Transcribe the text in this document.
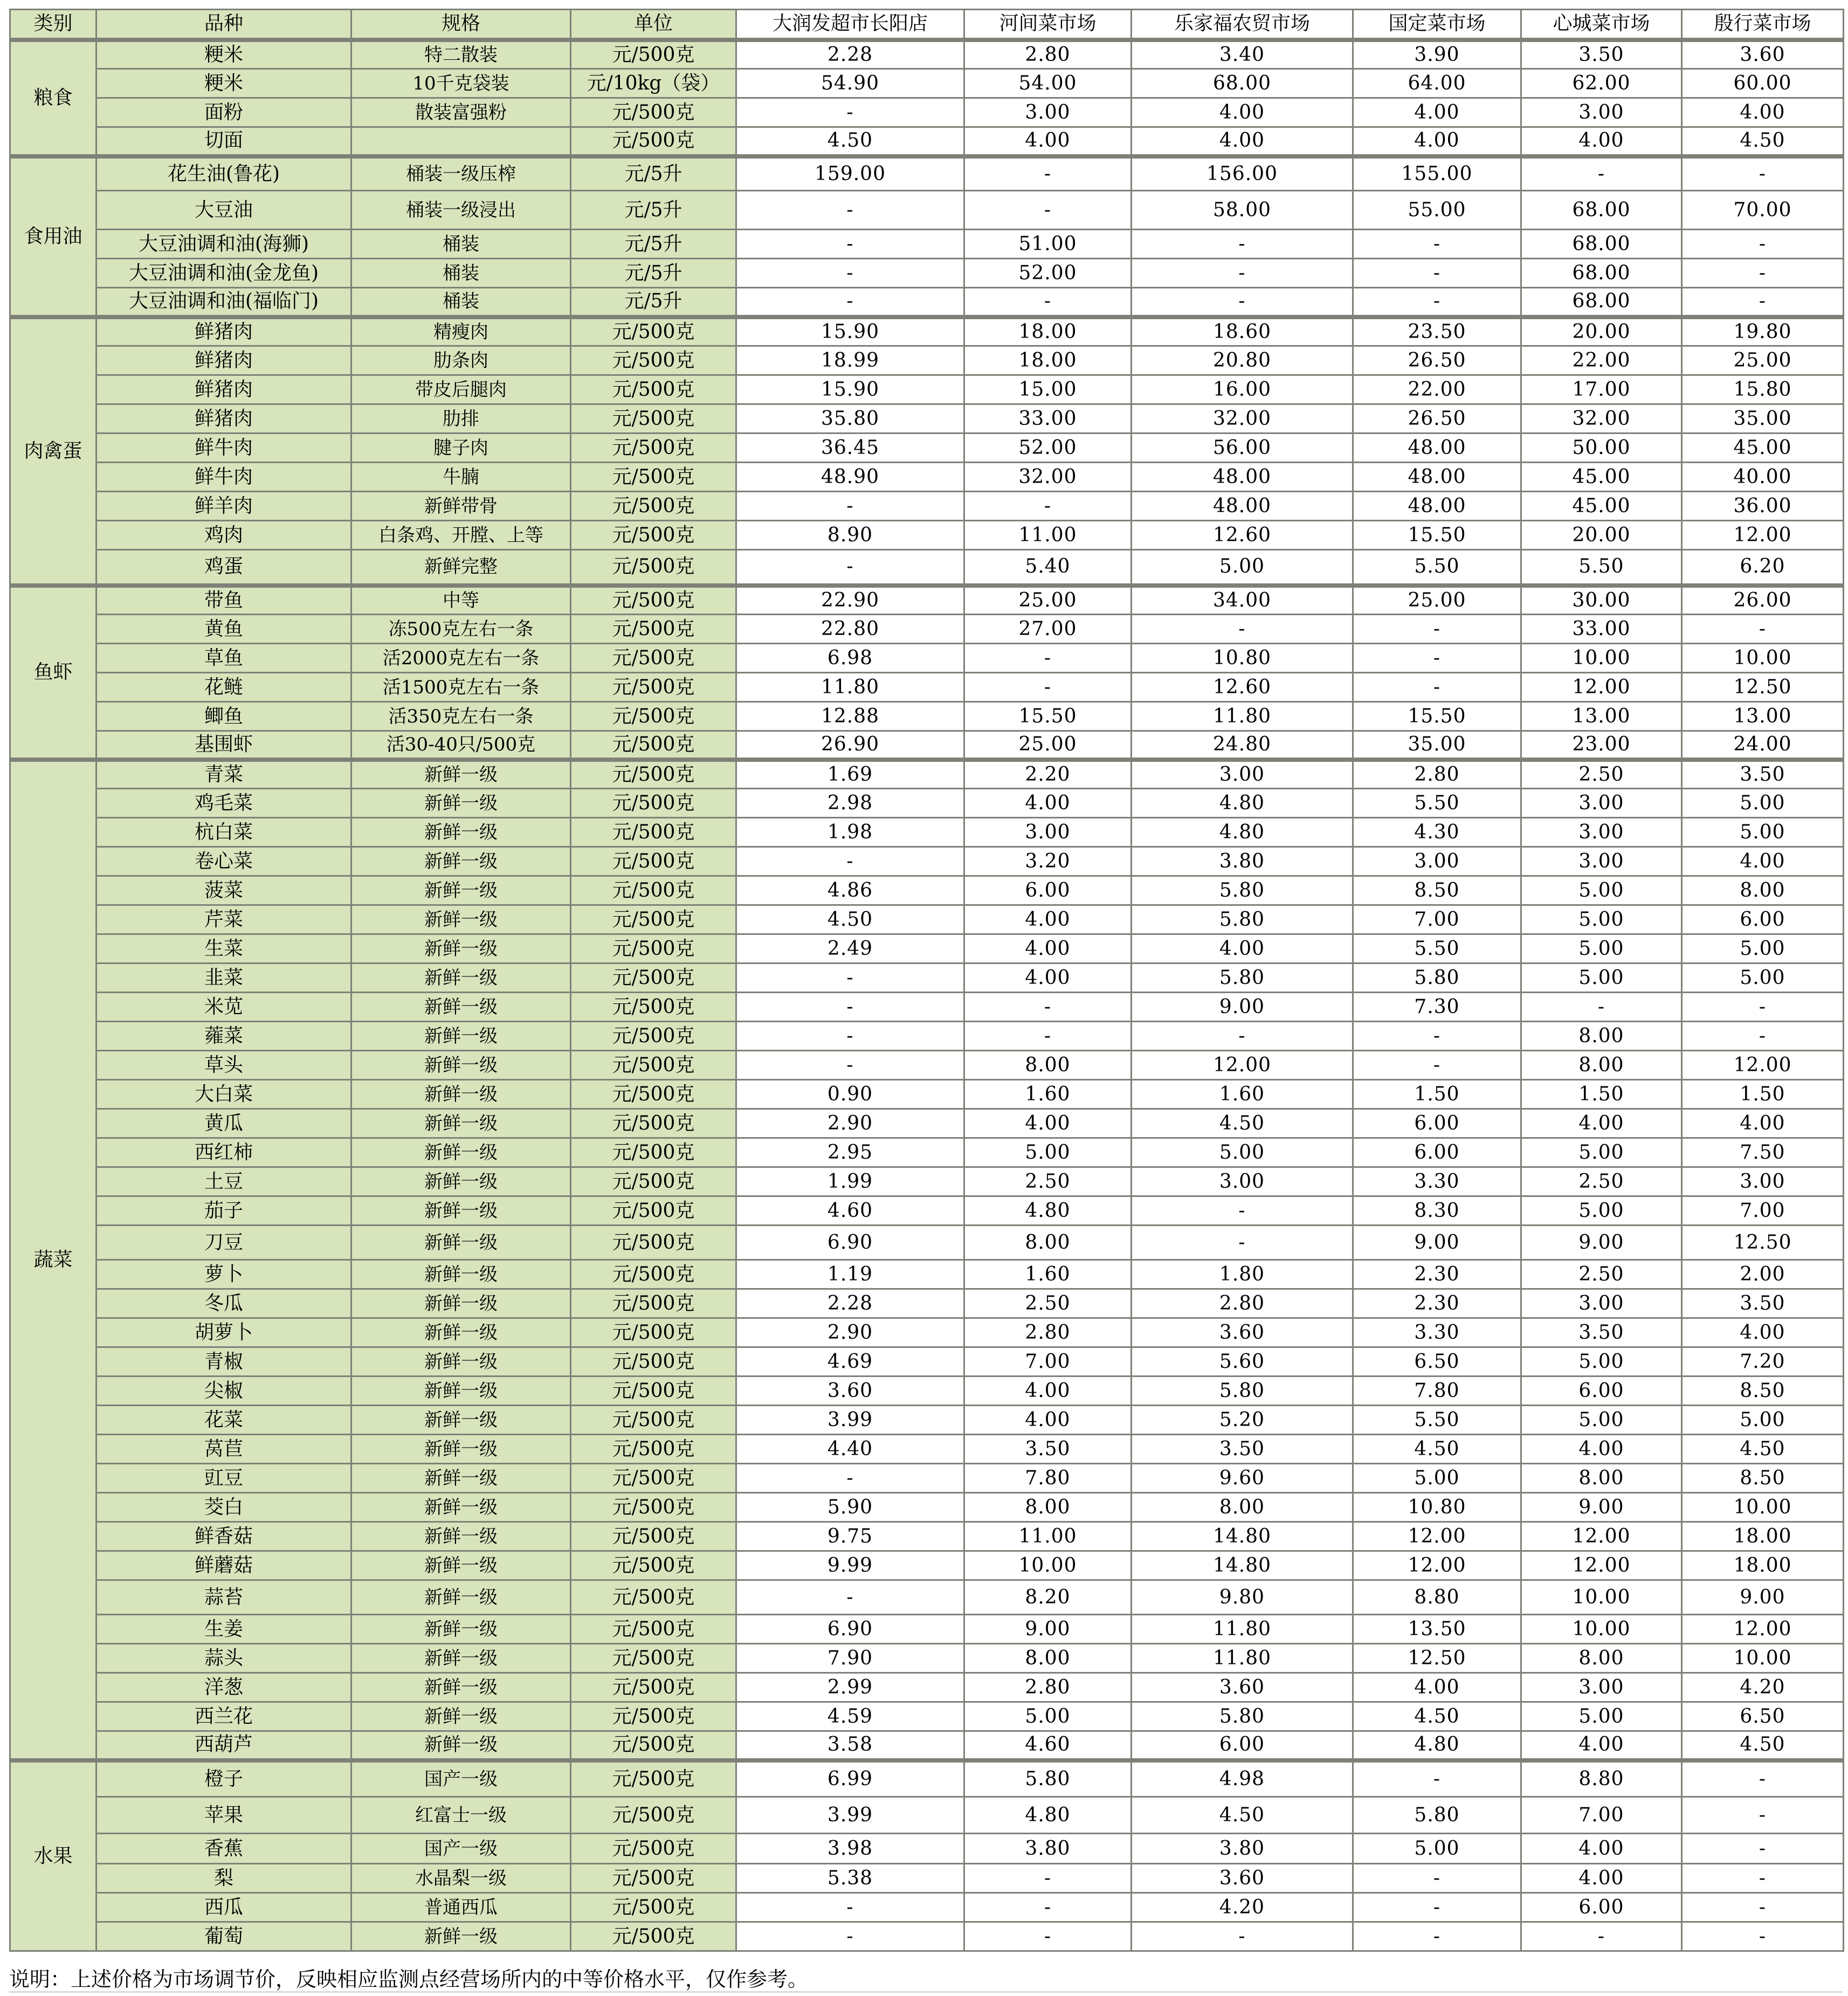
类别	品种	规格	单位	大润发超市长阳店	河间菜市场	乐家福农贸市场	国定菜市场	心城菜市场	殷行菜市场
粮食	粳米	特二散装	元/500克	2.28	2.80	3.40	3.90	3.50	3.60
	粳米	10千克袋装	元/10kg（袋）	54.90	54.00	68.00	64.00	62.00	60.00
	面粉	散装富强粉	元/500克	-	3.00	4.00	4.00	3.00	4.00
	切面		元/500克	4.50	4.00	4.00	4.00	4.00	4.50
食用油	花生油(鲁花)	桶装一级压榨	元/5升	159.00	-	156.00	155.00	-	-
	大豆油	桶装一级浸出	元/5升	-	-	58.00	55.00	68.00	70.00
	大豆油调和油(海狮)	桶装	元/5升	-	51.00	-	-	68.00	-
	大豆油调和油(金龙鱼)	桶装	元/5升	-	52.00	-	-	68.00	-
	大豆油调和油(福临门)	桶装	元/5升	-	-	-	-	68.00	-
肉禽蛋	鲜猪肉	精瘦肉	元/500克	15.90	18.00	18.60	23.50	20.00	19.80
	鲜猪肉	肋条肉	元/500克	18.99	18.00	20.80	26.50	22.00	25.00
	鲜猪肉	带皮后腿肉	元/500克	15.90	15.00	16.00	22.00	17.00	15.80
	鲜猪肉	肋排	元/500克	35.80	33.00	32.00	26.50	32.00	35.00
	鲜牛肉	腱子肉	元/500克	36.45	52.00	56.00	48.00	50.00	45.00
	鲜牛肉	牛腩	元/500克	48.90	32.00	48.00	48.00	45.00	40.00
	鲜羊肉	新鲜带骨	元/500克	-	-	48.00	48.00	45.00	36.00
	鸡肉	白条鸡、开膛、上等	元/500克	8.90	11.00	12.60	15.50	20.00	12.00
	鸡蛋	新鲜完整	元/500克	-	5.40	5.00	5.50	5.50	6.20
鱼虾	带鱼	中等	元/500克	22.90	25.00	34.00	25.00	30.00	26.00
	黄鱼	冻500克左右一条	元/500克	22.80	27.00	-	-	33.00	-
	草鱼	活2000克左右一条	元/500克	6.98	-	10.80	-	10.00	10.00
	花鲢	活1500克左右一条	元/500克	11.80	-	12.60	-	12.00	12.50
	鲫鱼	活350克左右一条	元/500克	12.88	15.50	11.80	15.50	13.00	13.00
	基围虾	活30-40只/500克	元/500克	26.90	25.00	24.80	35.00	23.00	24.00
蔬菜	青菜	新鲜一级	元/500克	1.69	2.20	3.00	2.80	2.50	3.50
	鸡毛菜	新鲜一级	元/500克	2.98	4.00	4.80	5.50	3.00	5.00
	杭白菜	新鲜一级	元/500克	1.98	3.00	4.80	4.30	3.00	5.00
	卷心菜	新鲜一级	元/500克	-	3.20	3.80	3.00	3.00	4.00
	菠菜	新鲜一级	元/500克	4.86	6.00	5.80	8.50	5.00	8.00
	芹菜	新鲜一级	元/500克	4.50	4.00	5.80	7.00	5.00	6.00
	生菜	新鲜一级	元/500克	2.49	4.00	4.00	5.50	5.00	5.00
	韭菜	新鲜一级	元/500克	-	4.00	5.80	5.80	5.00	5.00
	米苋	新鲜一级	元/500克	-	-	9.00	7.30	-	-
	蕹菜	新鲜一级	元/500克	-	-	-	-	8.00	-
	草头	新鲜一级	元/500克	-	8.00	12.00	-	8.00	12.00
	大白菜	新鲜一级	元/500克	0.90	1.60	1.60	1.50	1.50	1.50
	黄瓜	新鲜一级	元/500克	2.90	4.00	4.50	6.00	4.00	4.00
	西红柿	新鲜一级	元/500克	2.95	5.00	5.00	6.00	5.00	7.50
	土豆	新鲜一级	元/500克	1.99	2.50	3.00	3.30	2.50	3.00
	茄子	新鲜一级	元/500克	4.60	4.80	-	8.30	5.00	7.00
	刀豆	新鲜一级	元/500克	6.90	8.00	-	9.00	9.00	12.50
	萝卜	新鲜一级	元/500克	1.19	1.60	1.80	2.30	2.50	2.00
	冬瓜	新鲜一级	元/500克	2.28	2.50	2.80	2.30	3.00	3.50
	胡萝卜	新鲜一级	元/500克	2.90	2.80	3.60	3.30	3.50	4.00
	青椒	新鲜一级	元/500克	4.69	7.00	5.60	6.50	5.00	7.20
	尖椒	新鲜一级	元/500克	3.60	4.00	5.80	7.80	6.00	8.50
	花菜	新鲜一级	元/500克	3.99	4.00	5.20	5.50	5.00	5.00
	莴苣	新鲜一级	元/500克	4.40	3.50	3.50	4.50	4.00	4.50
	豇豆	新鲜一级	元/500克	-	7.80	9.60	5.00	8.00	8.50
	茭白	新鲜一级	元/500克	5.90	8.00	8.00	10.80	9.00	10.00
	鲜香菇	新鲜一级	元/500克	9.75	11.00	14.80	12.00	12.00	18.00
	鲜蘑菇	新鲜一级	元/500克	9.99	10.00	14.80	12.00	12.00	18.00
	蒜苔	新鲜一级	元/500克	-	8.20	9.80	8.80	10.00	9.00
	生姜	新鲜一级	元/500克	6.90	9.00	11.80	13.50	10.00	12.00
	蒜头	新鲜一级	元/500克	7.90	8.00	11.80	12.50	8.00	10.00
	洋葱	新鲜一级	元/500克	2.99	2.80	3.60	4.00	3.00	4.20
	西兰花	新鲜一级	元/500克	4.59	5.00	5.80	4.50	5.00	6.50
	西葫芦	新鲜一级	元/500克	3.58	4.60	6.00	4.80	4.00	4.50
水果	橙子	国产一级	元/500克	6.99	5.80	4.98	-	8.80	-
	苹果	红富士一级	元/500克	3.99	4.80	4.50	5.80	7.00	-
	香蕉	国产一级	元/500克	3.98	3.80	3.80	5.00	4.00	-
	梨	水晶梨一级	元/500克	5.38	-	3.60	-	4.00	-
	西瓜	普通西瓜	元/500克	-	-	4.20	-	6.00	-
	葡萄	新鲜一级	元/500克	-	-	-	-	-	-
说明：上述价格为市场调节价，反映相应监测点经营场所内的中等价格水平，仅作参考。
